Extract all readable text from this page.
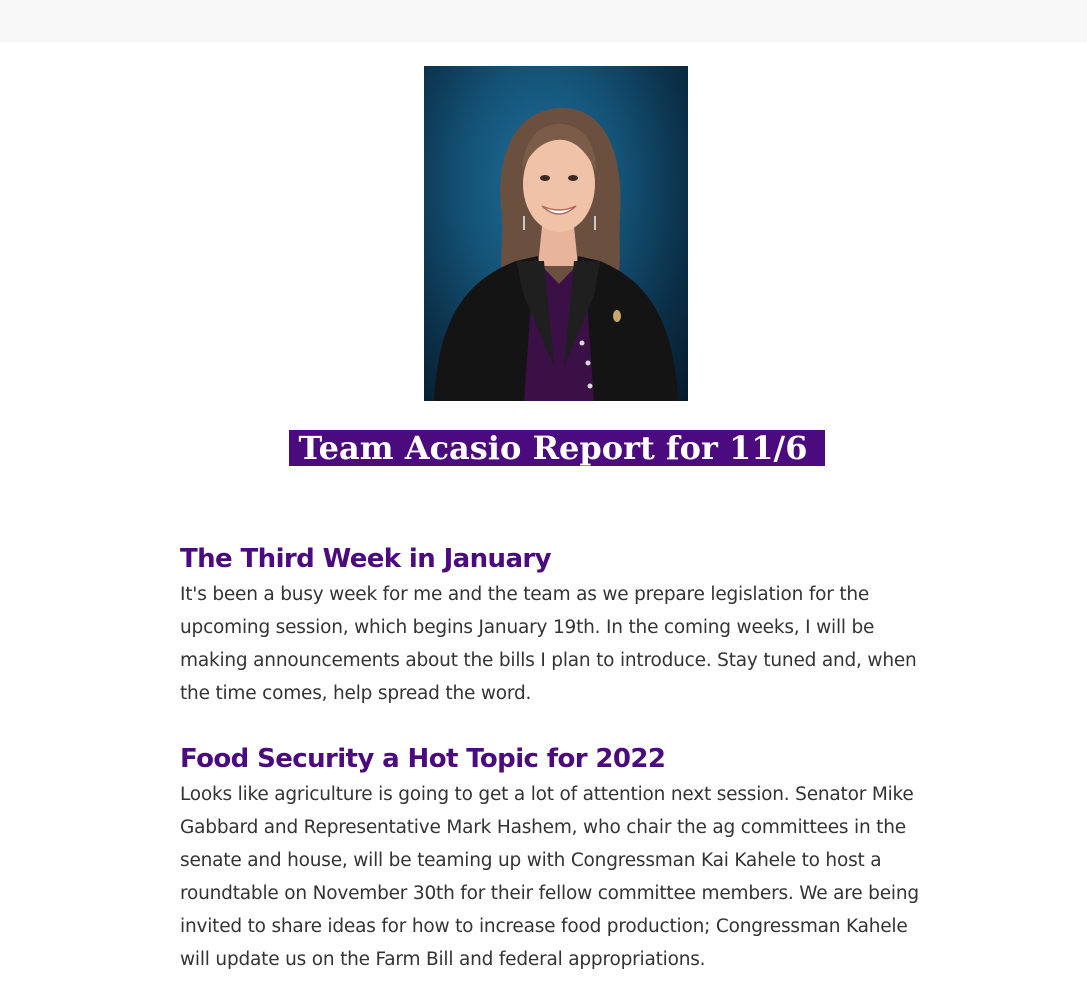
Team Acasio Report for 11/6
The Third Week in January

It's been a busy week for me and the team as we prepare legislation for the upcoming session, which begins January 19th. In the coming weeks, I will be making announcements about the bills I plan to introduce. Stay tuned and, when the time comes, help spread the word.

Food Security a Hot Topic for 2022

Looks like agriculture is going to get a lot of attention next session. Senator Mike Gabbard and Representative Mark Hashem, who chair the ag committees in the senate and house, will be teaming up with Congressman Kai Kahele to host a roundtable on November 30th for their fellow committee members. We are being invited to share ideas for how to increase food production; Congressman Kahele will update us on the Farm Bill and federal appropriations.
